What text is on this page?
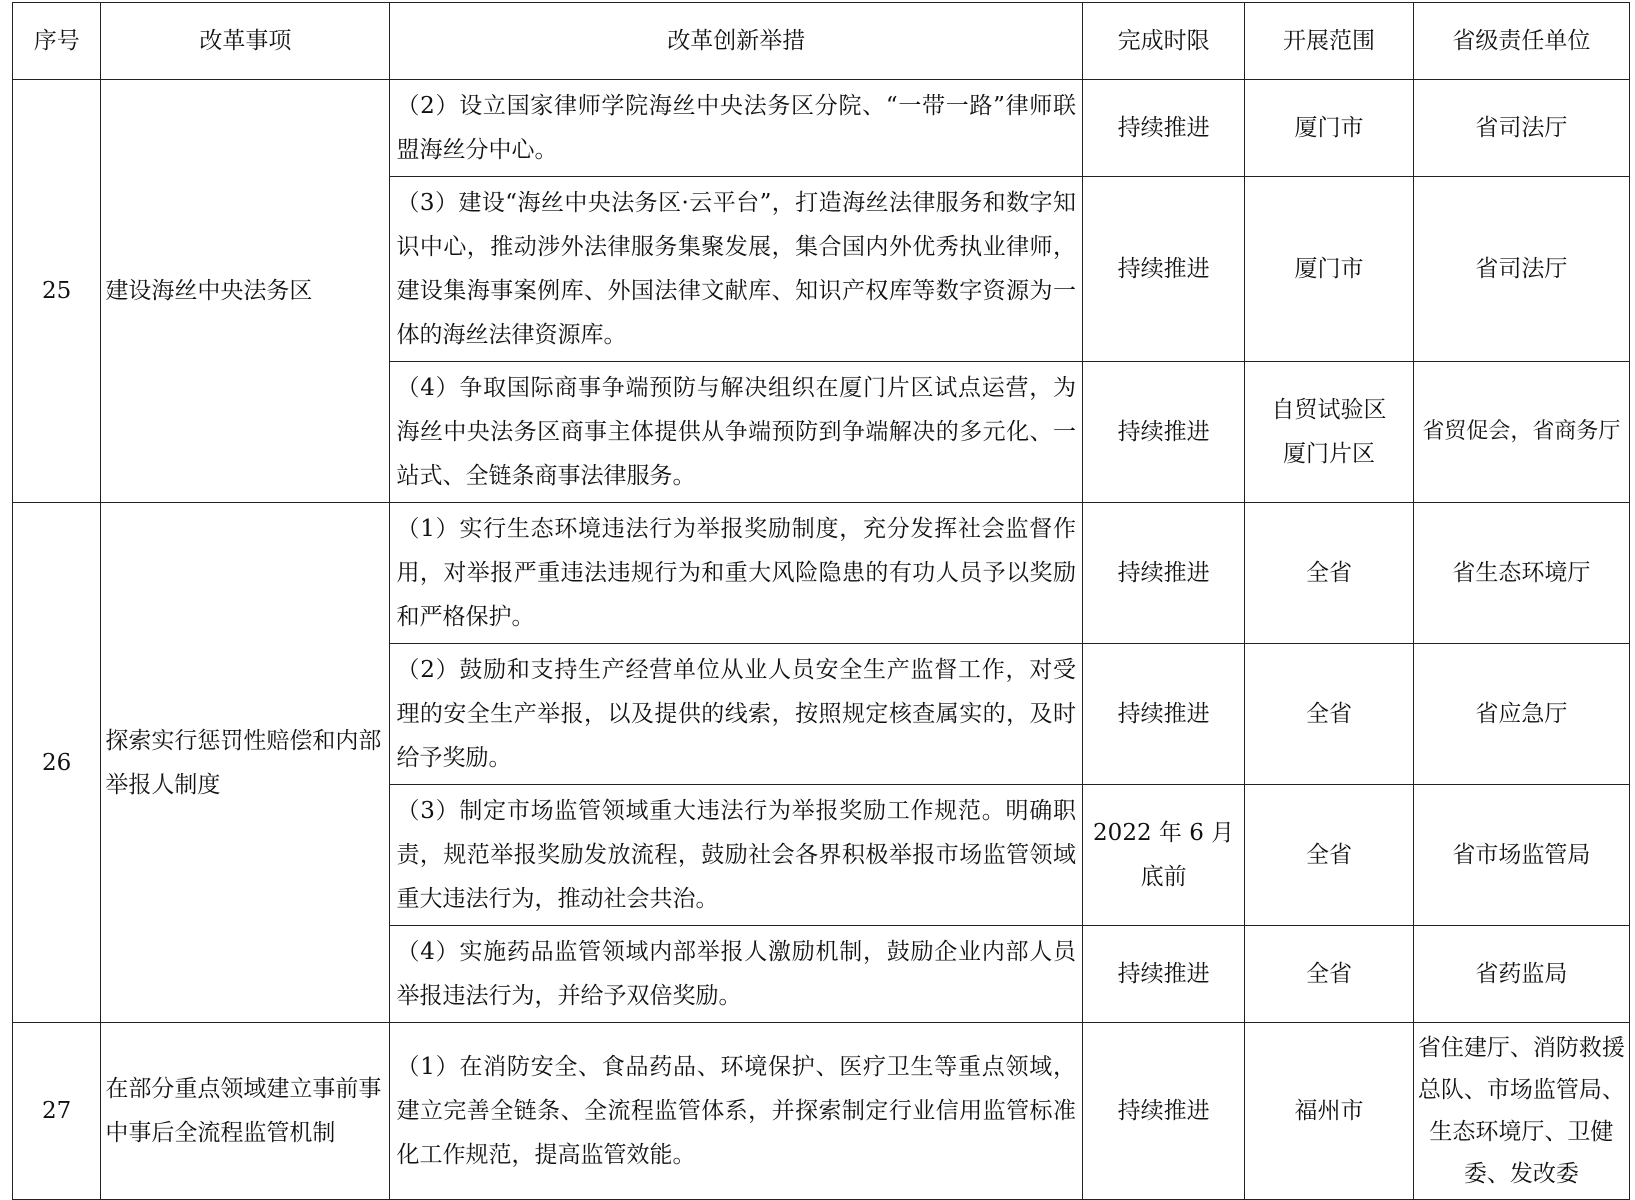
序号	改革事项	改革创新举措	完成时限	开展范围	省级责任单位
25	建设海丝中央法务区	（2）设立国家律师学院海丝中央法务区分院、“一带一路”律师联盟海丝分中心。	持续推进	厦门市	省司法厅
		（3）建设“海丝中央法务区·云平台”，打造海丝法律服务和数字知识中心，推动涉外法律服务集聚发展，集合国内外优秀执业律师，建设集海事案例库、外国法律文献库、知识产权库等数字资源为一体的海丝法律资源库。	持续推进	厦门市	省司法厅
		（4）争取国际商事争端预防与解决组织在厦门片区试点运营，为海丝中央法务区商事主体提供从争端预防到争端解决的多元化、一站式、全链条商事法律服务。	持续推进	自贸试验区厦门片区	省贸促会，省商务厅
26	探索实行惩罚性赔偿和内部举报人制度	（1）实行生态环境违法行为举报奖励制度，充分发挥社会监督作用，对举报严重违法违规行为和重大风险隐患的有功人员予以奖励和严格保护。	持续推进	全省	省生态环境厅
		（2）鼓励和支持生产经营单位从业人员安全生产监督工作，对受理的安全生产举报，以及提供的线索，按照规定核查属实的，及时给予奖励。	持续推进	全省	省应急厅
		（3）制定市场监管领域重大违法行为举报奖励工作规范。明确职责，规范举报奖励发放流程，鼓励社会各界积极举报市场监管领域重大违法行为，推动社会共治。	2022 年 6 月底前	全省	省市场监管局
		（4）实施药品监管领域内部举报人激励机制，鼓励企业内部人员举报违法行为，并给予双倍奖励。	持续推进	全省	省药监局
27	在部分重点领域建立事前事中事后全流程监管机制	（1）在消防安全、食品药品、环境保护、医疗卫生等重点领域，建立完善全链条、全流程监管体系，并探索制定行业信用监管标准化工作规范，提高监管效能。	持续推进	福州市	省住建厅、消防救援总队、市场监管局、生态环境厅、卫健委、发改委
